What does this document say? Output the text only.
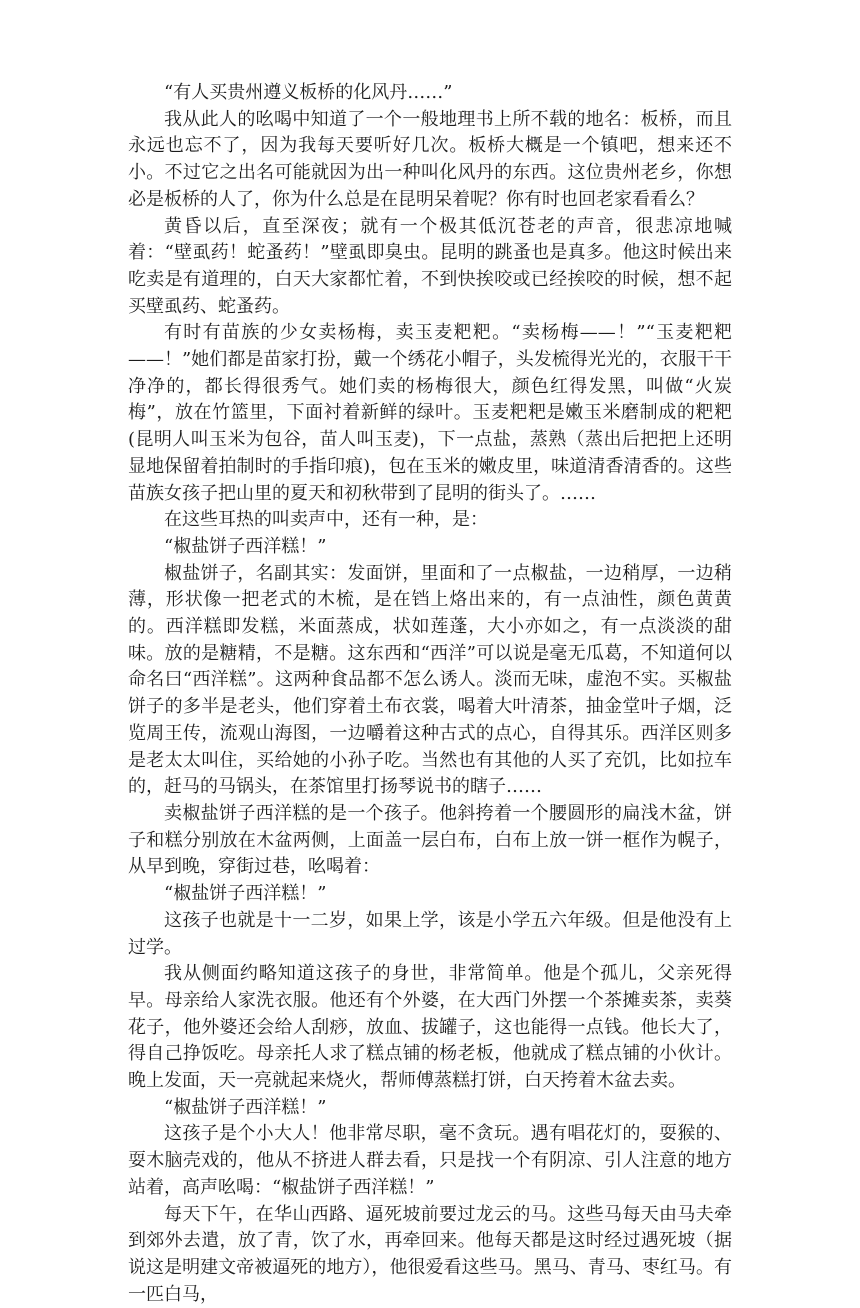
“有人买贵州遵义板桥的化风丹……”

我从此人的吆喝中知道了一个一般地理书上所不载的地名：板桥，而且永远也忘不了，因为我每天要听好几次。板桥大概是一个镇吧，想来还不小。不过它之出名可能就因为出一种叫化风丹的东西。这位贵州老乡，你想必是板桥的人了，你为什么总是在昆明呆着呢？你有时也回老家看看么？

黄昏以后，直至深夜；就有一个极其低沉苍老的声音，很悲凉地喊着：“壁虱药！蛇蚤药！”壁虱即臭虫。昆明的跳蚤也是真多。他这时候出来吃卖是有道理的，白天大家都忙着，不到快挨咬或已经挨咬的时候，想不起买壁虱药、蛇蚤药。

有时有苗族的少女卖杨梅，卖玉麦粑粑。“卖杨梅——！”“玉麦粑粑——！”她们都是苗家打扮，戴一个绣花小帽子，头发梳得光光的，衣服干干净净的，都长得很秀气。她们卖的杨梅很大，颜色红得发黑，叫做“火炭梅”，放在竹篮里，下面衬着新鲜的绿叶。玉麦粑粑是嫩玉米磨制成的粑粑(昆明人叫玉米为包谷，苗人叫玉麦)，下一点盐，蒸熟（蒸出后把把上还明显地保留着拍制时的手指印痕)，包在玉米的嫩皮里，味道清香清香的。这些苗族女孩子把山里的夏天和初秋带到了昆明的街头了。……

在这些耳热的叫卖声中，还有一种，是：

“椒盐饼子西洋糕！”

椒盐饼子，名副其实：发面饼，里面和了一点椒盐，一边稍厚，一边稍薄，形状像一把老式的木梳，是在铛上烙出来的，有一点油性，颜色黄黄的。西洋糕即发糕，米面蒸成，状如莲蓬，大小亦如之，有一点淡淡的甜味。放的是糖精，不是糖。这东西和“西洋”可以说是毫无瓜葛，不知道何以命名曰“西洋糕”。这两种食品都不怎么诱人。淡而无味，虚泡不实。买椒盐饼子的多半是老头，他们穿着土布衣裳，喝着大叶清茶，抽金堂叶子烟，泛览周王传，流观山海图，一边嚼着这种古式的点心，自得其乐。西洋区则多是老太太叫住，买给她的小孙子吃。当然也有其他的人买了充饥，比如拉车的，赶马的马锅头，在茶馆里打扬琴说书的瞎子……

卖椒盐饼子西洋糕的是一个孩子。他斜挎着一个腰圆形的扁浅木盆，饼子和糕分别放在木盆两侧，上面盖一层白布，白布上放一饼一框作为幌子，从早到晚，穿街过巷，吆喝着：

“椒盐饼子西洋糕！”

这孩子也就是十一二岁，如果上学，该是小学五六年级。但是他没有上过学。

我从侧面约略知道这孩子的身世，非常简单。他是个孤儿，父亲死得早。母亲给人家洗衣服。他还有个外婆，在大西门外摆一个茶摊卖茶，卖葵花子，他外婆还会给人刮痧，放血、拔罐子，这也能得一点钱。他长大了，得自己挣饭吃。母亲托人求了糕点铺的杨老板，他就成了糕点铺的小伙计。晚上发面，天一亮就起来烧火，帮师傅蒸糕打饼，白天挎着木盆去卖。

“椒盐饼子西洋糕！”

这孩子是个小大人！他非常尽职，毫不贪玩。遇有唱花灯的，耍猴的、耍木脑壳戏的，他从不挤进人群去看，只是找一个有阴凉、引人注意的地方站着，高声吆喝：“椒盐饼子西洋糕！”

每天下午，在华山西路、逼死坡前要过龙云的马。这些马每天由马夫牵到郊外去遣，放了青，饮了水，再牵回来。他每天都是这时经过遇死坡（据说这是明建文帝被逼死的地方），他很爱看这些马。黑马、青马、枣红马。有一匹白马，
